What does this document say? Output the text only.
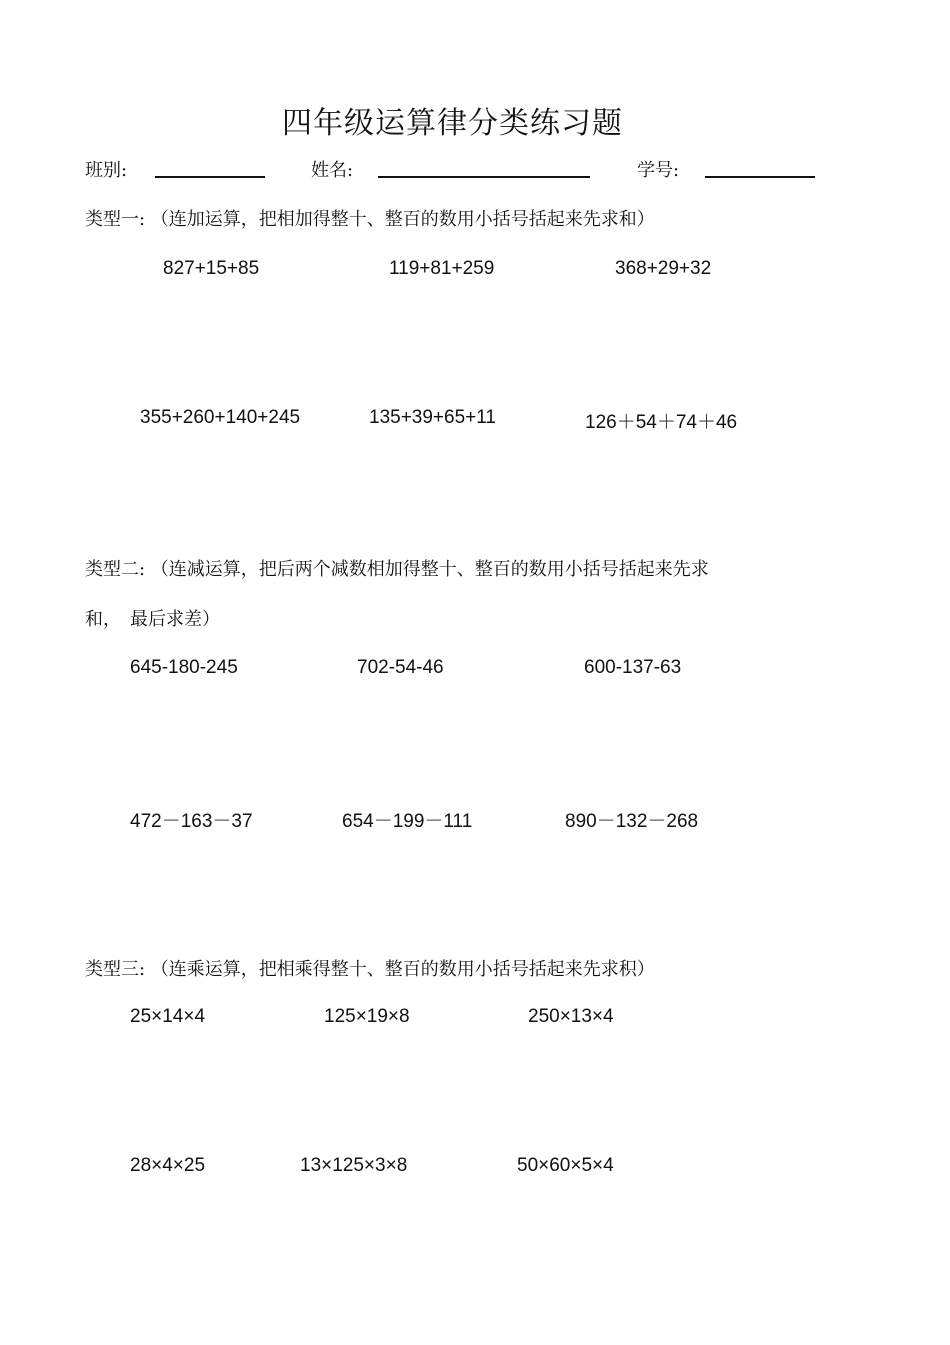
四年级运算律分类练习题
班别:	姓名:	学号:
类型一: （连加运算，把相加得整十、整百的数用小括号括起来先求和）
827+15+85	119+81+259	368+29+32
355+260+140+245	135+39+65+11	126＋54＋74＋46
类型二: （连减运算，把后两个减数相加得整十、整百的数用小括号括起来先求
和，　最后求差）
645-180-245	702-54-46	600-137-63
472－163－37	654－199－111	890－132－268
类型三: （连乘运算，把相乘得整十、整百的数用小括号括起来先求积）
25×14×4	125×19×8	250×13×4
28×4×25	13×125×3×8	50×60×5×4
